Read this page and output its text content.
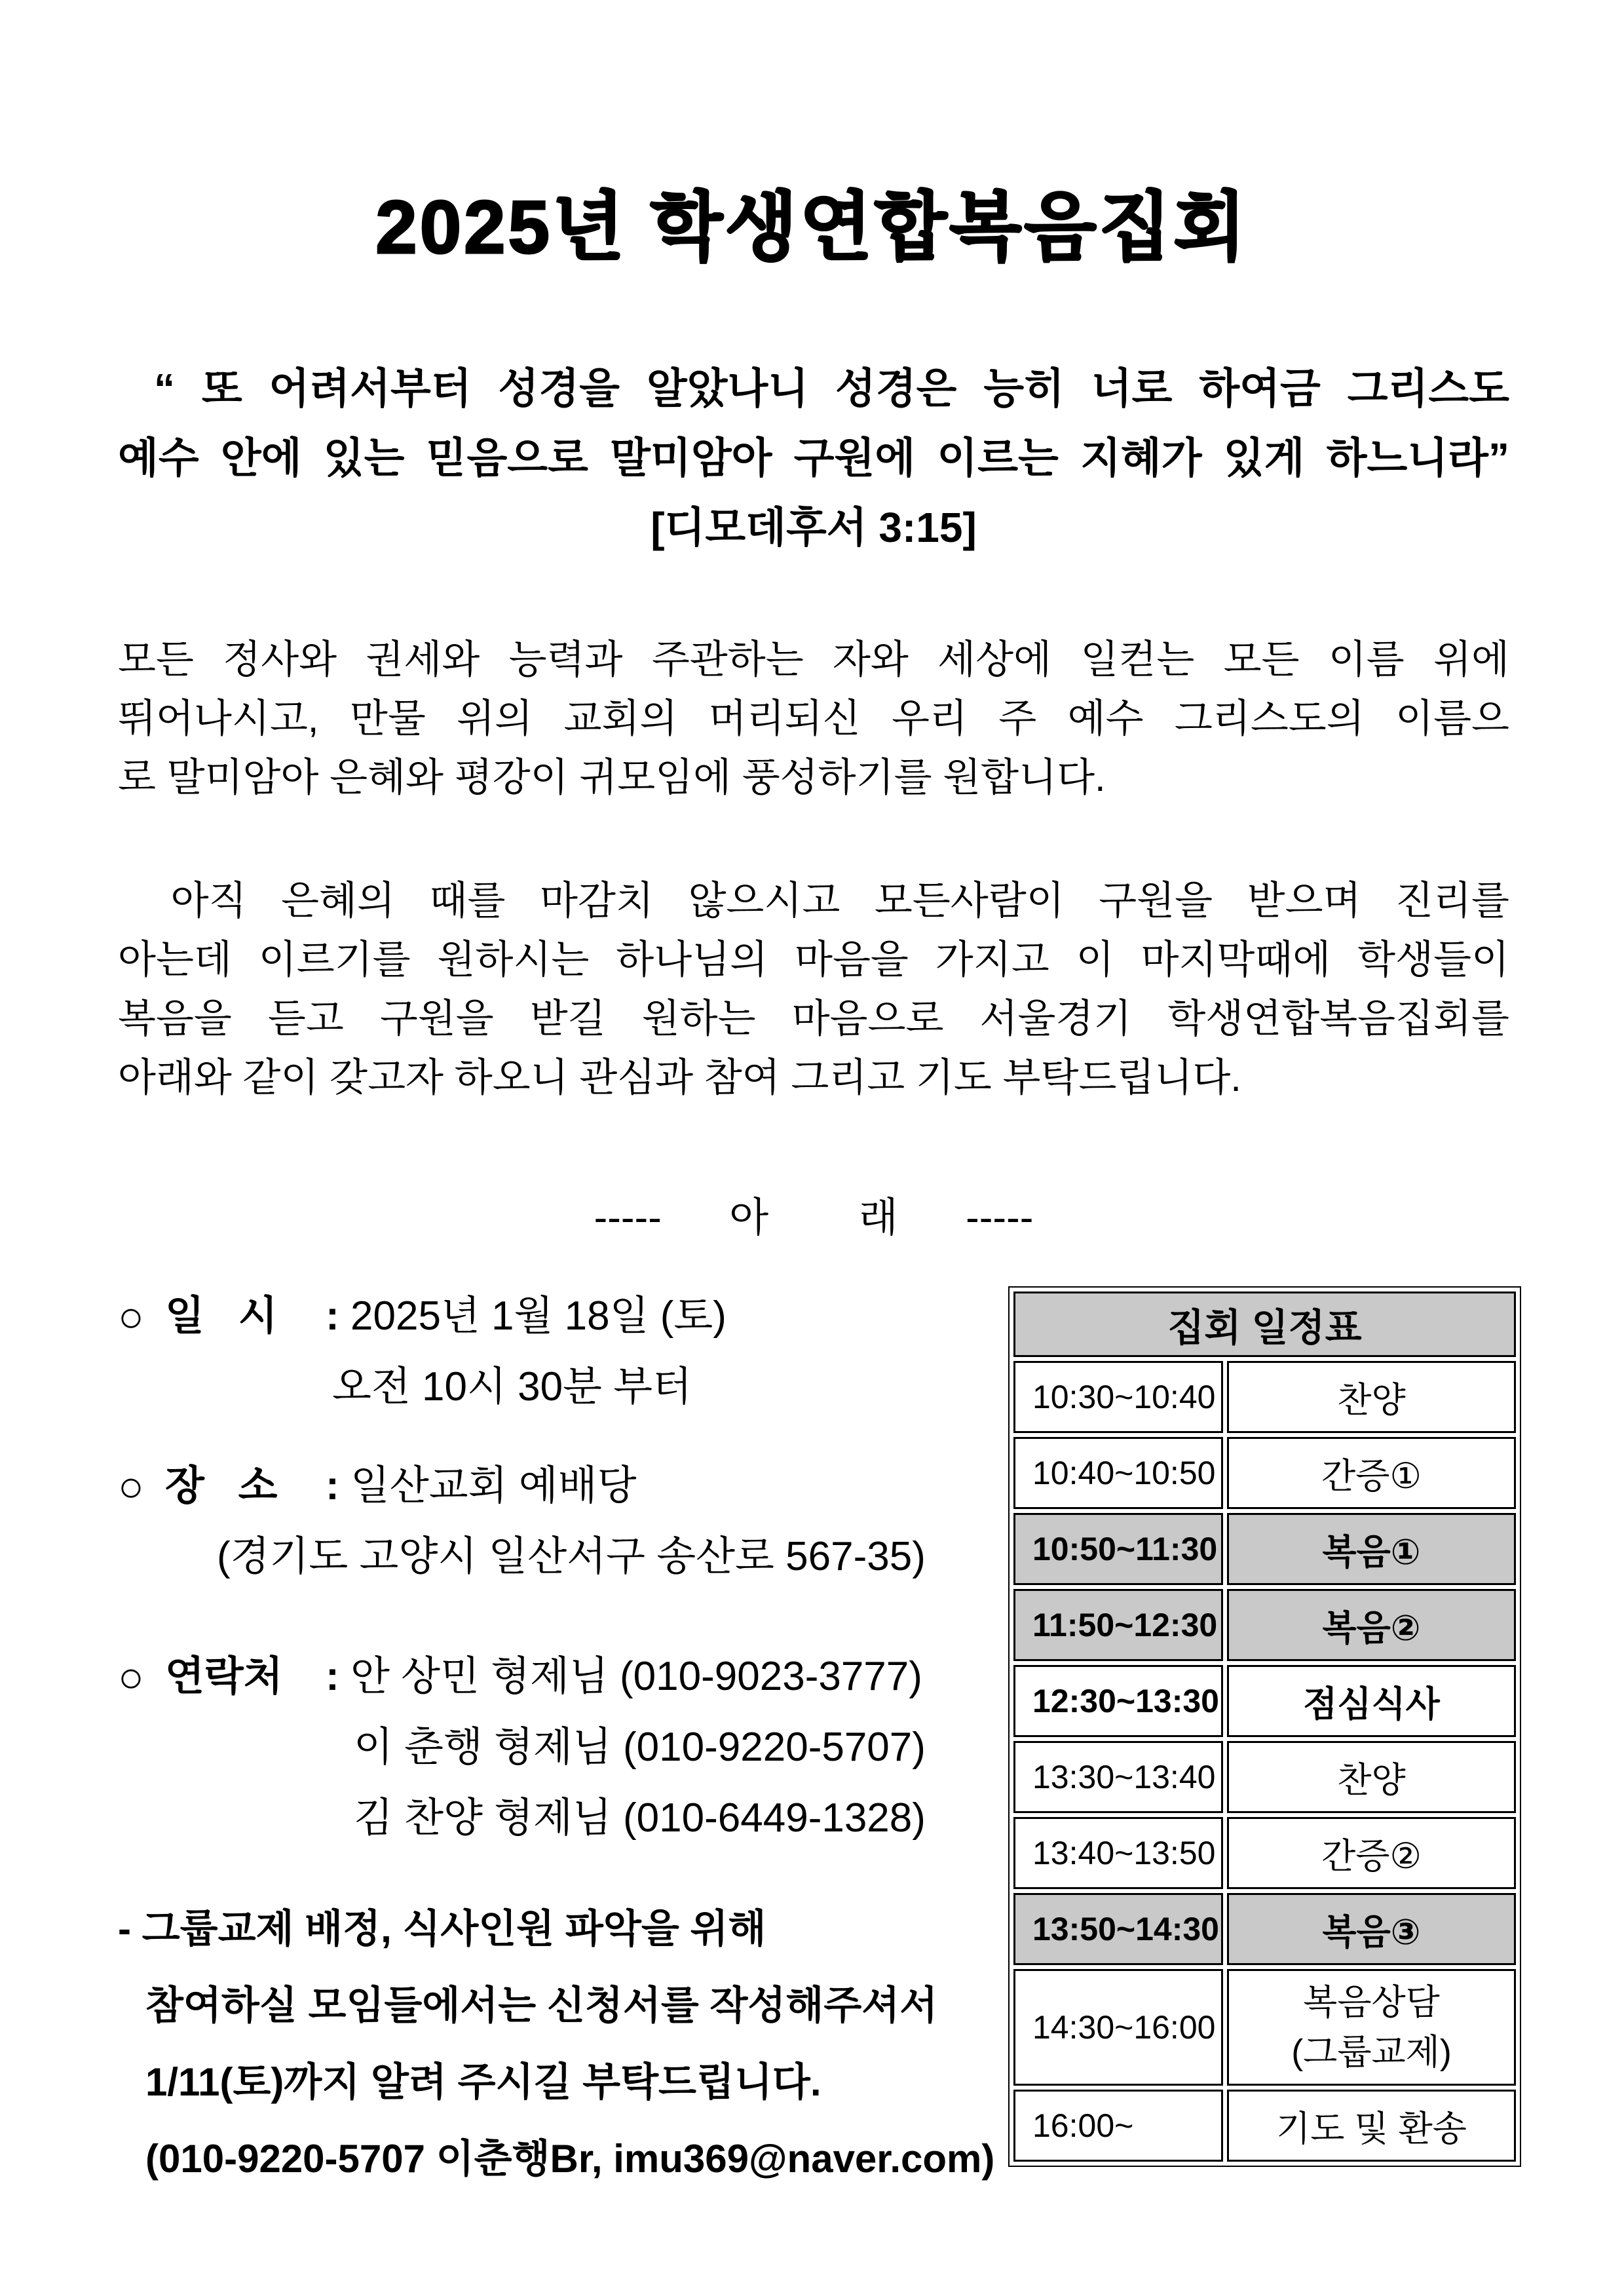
2025년 학생연합복음집회
“ 또 어려서부터 성경을 알았나니 성경은 능히 너로 하여금 그리스도
예수 안에 있는 믿음으로 말미암아 구원에 이르는 지혜가 있게 하느니라”
[디모데후서 3:15]
모든 정사와 권세와 능력과 주관하는 자와 세상에 일컫는 모든 이름 위에
뛰어나시고, 만물 위의 교회의 머리되신 우리 주 예수 그리스도의 이름으
로 말미암아 은혜와 평강이 귀모임에 풍성하기를 원합니다.
아직 은혜의 때를 마감치 않으시고 모든사람이 구원을 받으며 진리를
아는데 이르기를 원하시는 하나님의 마음을 가지고 이 마지막때에 학생들이
복음을 듣고 구원을 받길 원하는 마음으로 서울경기 학생연합복음집회를
아래와 같이 갖고자 하오니 관심과 참여 그리고 기도 부탁드립니다.
-----      아        래      -----
○ 일   시	: 2025년 1월 18일 (토)
오전 10시 30분 부터
○ 장   소	: 일산교회 예배당
(경기도 고양시 일산서구 송산로 567-35)
○ 연락처	: 안 상민 형제님 (010-9023-3777)
이 춘행 형제님 (010-9220-5707)
김 찬양 형제님 (010-6449-1328)
- 그룹교제 배정, 식사인원 파악을 위해
참여하실 모임들에서는 신청서를 작성해주셔서
1/11(토)까지 알려 주시길 부탁드립니다.
(010-9220-5707 이춘행Br, imu369@naver.com)
집회 일정표	
10:30~10:40	찬양
10:40~10:50	간증①
10:50~11:30	복음①
11:50~12:30	복음②
12:30~13:30	점심식사
13:30~13:40	찬양
13:40~13:50	간증②
13:50~14:30	복음③
14:30~16:00	복음상담
(그룹교제)

16:00~	기도 및 환송
